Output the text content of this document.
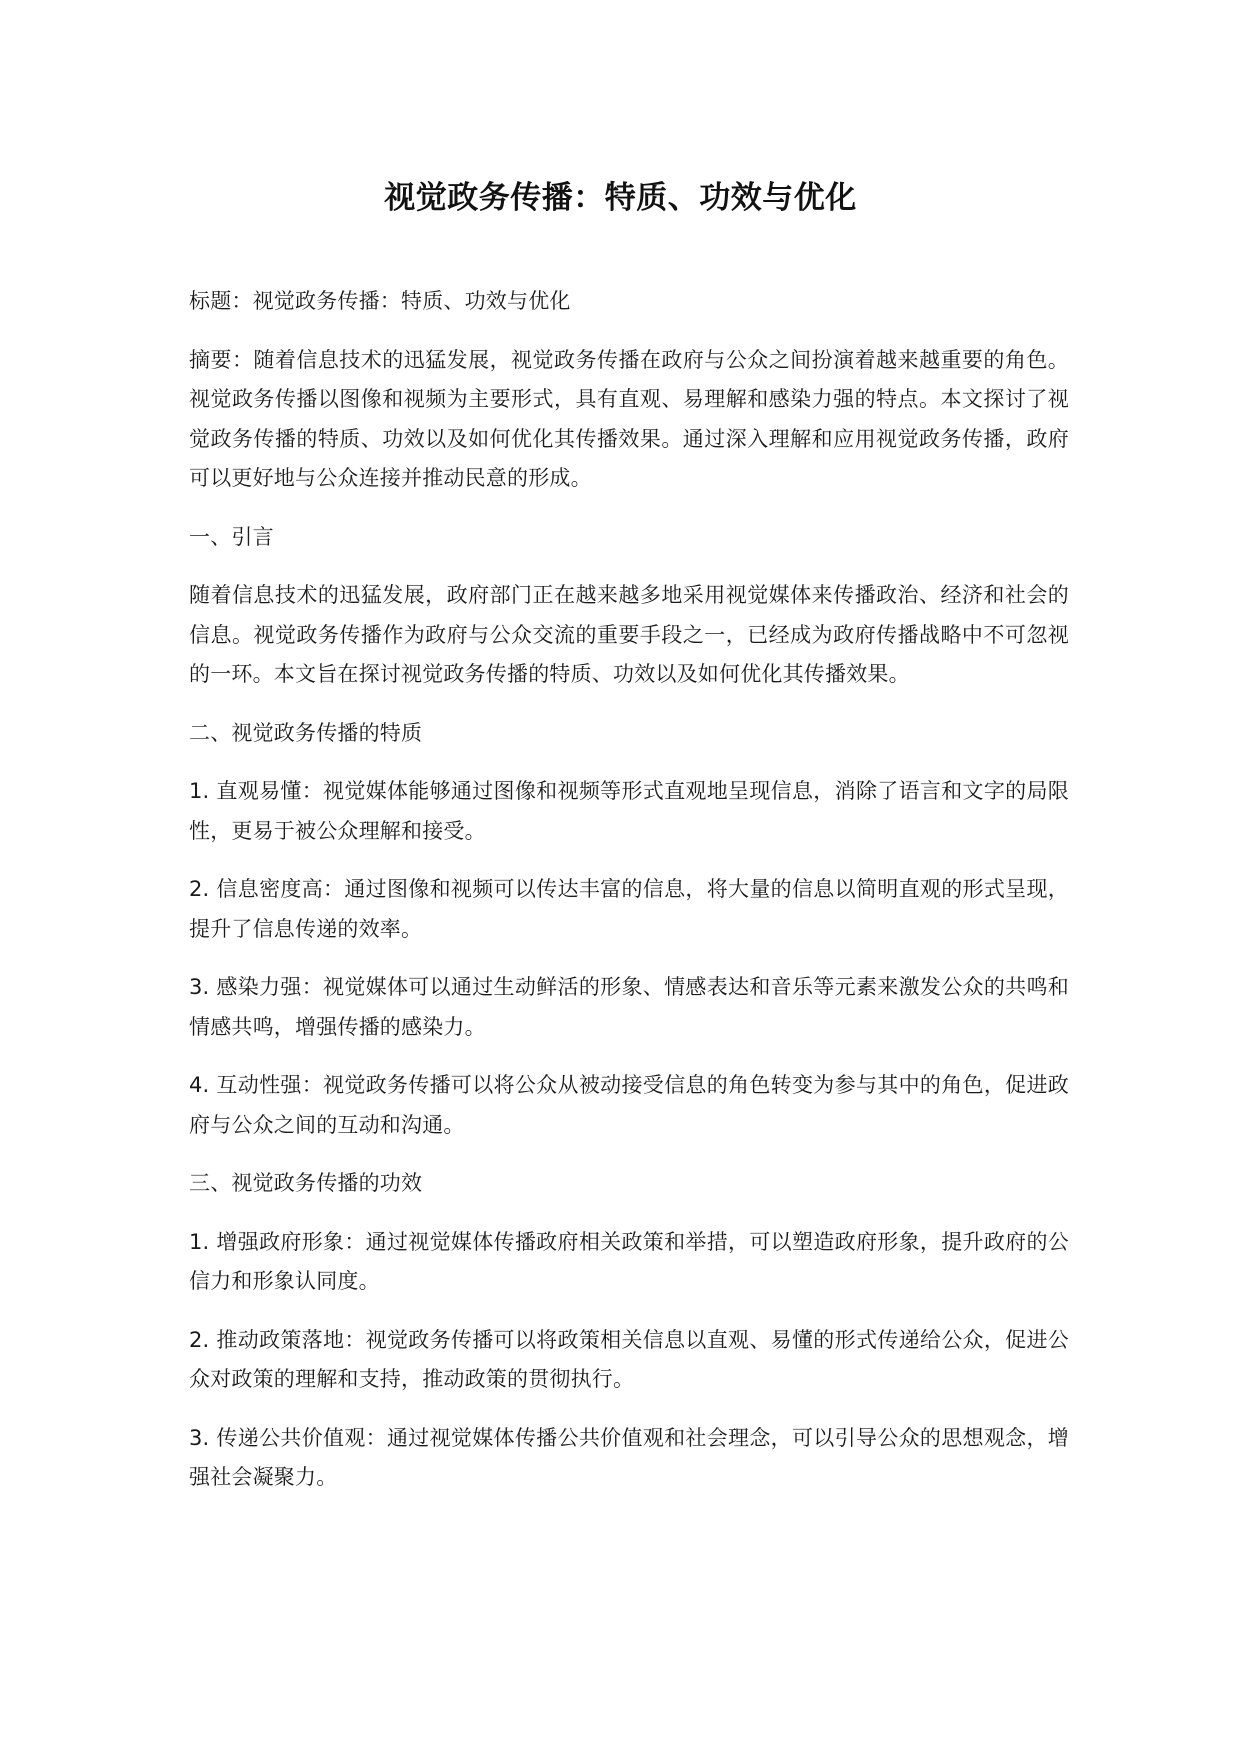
视觉政务传播：特质、功效与优化

标题：视觉政务传播：特质、功效与优化

摘要：随着信息技术的迅猛发展，视觉政务传播在政府与公众之间扮演着越来越重要的角色。视觉政务传播以图像和视频为主要形式，具有直观、易理解和感染力强的特点。本文探讨了视觉政务传播的特质、功效以及如何优化其传播效果。通过深入理解和应用视觉政务传播，政府可以更好地与公众连接并推动民意的形成。

一、引言

随着信息技术的迅猛发展，政府部门正在越来越多地采用视觉媒体来传播政治、经济和社会的信息。视觉政务传播作为政府与公众交流的重要手段之一，已经成为政府传播战略中不可忽视的一环。本文旨在探讨视觉政务传播的特质、功效以及如何优化其传播效果。

二、视觉政务传播的特质

1. 直观易懂：视觉媒体能够通过图像和视频等形式直观地呈现信息，消除了语言和文字的局限性，更易于被公众理解和接受。

2. 信息密度高：通过图像和视频可以传达丰富的信息，将大量的信息以简明直观的形式呈现，提升了信息传递的效率。

3. 感染力强：视觉媒体可以通过生动鲜活的形象、情感表达和音乐等元素来激发公众的共鸣和情感共鸣，增强传播的感染力。

4. 互动性强：视觉政务传播可以将公众从被动接受信息的角色转变为参与其中的角色，促进政府与公众之间的互动和沟通。

三、视觉政务传播的功效

1. 增强政府形象：通过视觉媒体传播政府相关政策和举措，可以塑造政府形象，提升政府的公信力和形象认同度。

2. 推动政策落地：视觉政务传播可以将政策相关信息以直观、易懂的形式传递给公众，促进公众对政策的理解和支持，推动政策的贯彻执行。

3. 传递公共价值观：通过视觉媒体传播公共价值观和社会理念，可以引导公众的思想观念，增强社会凝聚力。
